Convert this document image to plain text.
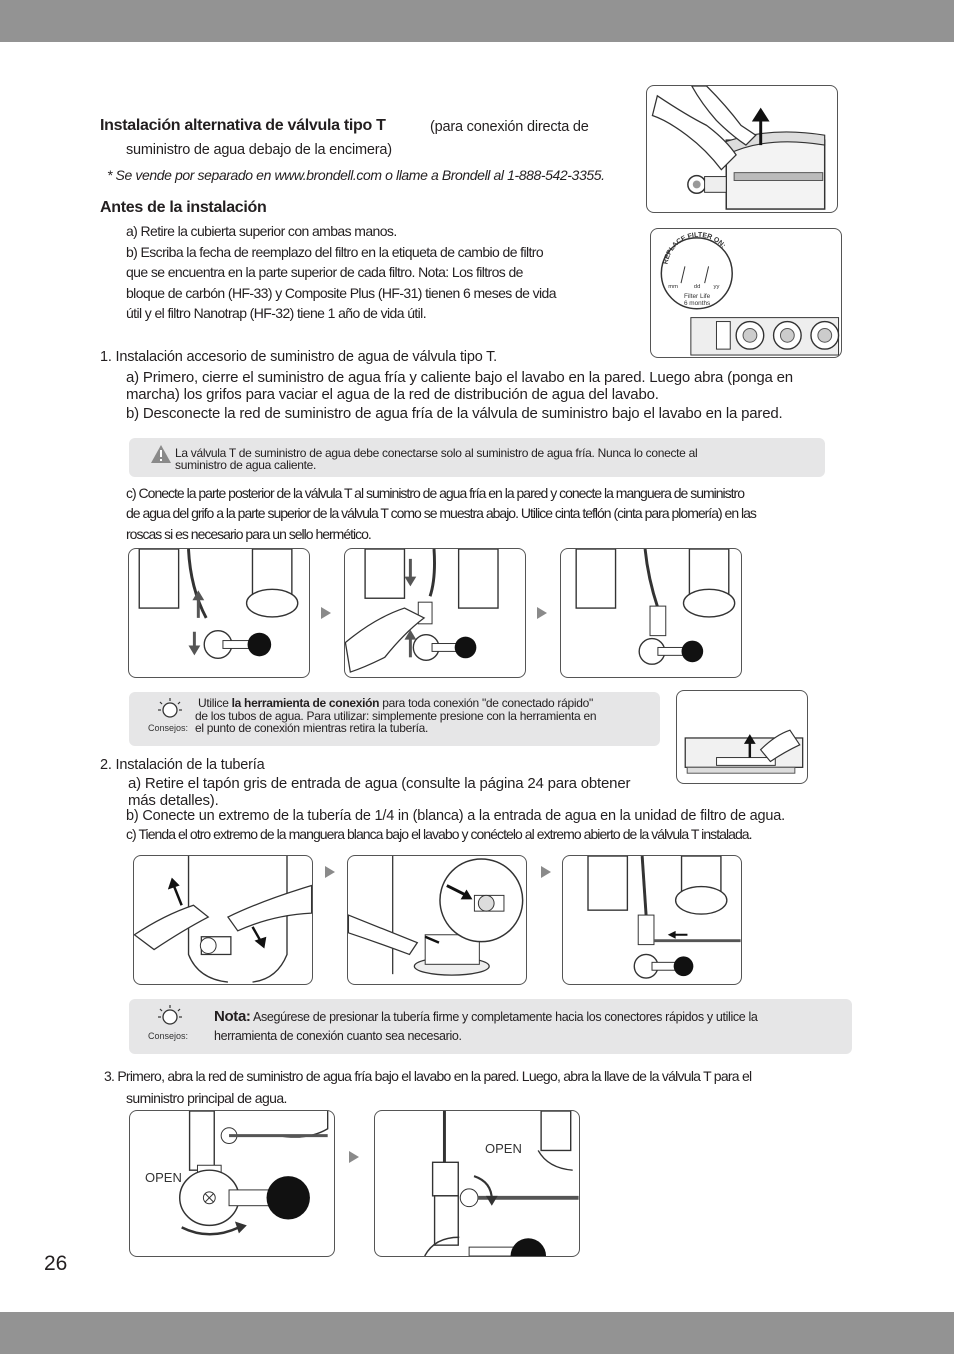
Instalación alternativa de válvula tipo T	(para conexión directa de
suministro de agua debajo de la encimera)
* Se vende por separado en www.brondell.com o llame a Brondell al 1-888-542-3355.
Antes de la instalación
a) Retire la cubierta superior con ambas manos.
b) Escriba la fecha de reemplazo del filtro en la etiqueta de cambio de filtro
que se encuentra en la parte superior de cada filtro. Nota: Los filtros de
bloque de carbón (HF-33) y Composite Plus (HF-31) tienen 6 meses de vida
útil y el filtro Nanotrap (HF-32) tiene 1 año de vida útil.
REPLACE FILTER ON:
mm	dd yy
Filter Life
6 months
1. Instalación accesorio de suministro de agua de válvula tipo T.
a) Primero, cierre el suministro de agua fría y caliente bajo el lavabo en la pared. Luego abra (ponga en
marcha) los grifos para vaciar el agua de la red de distribución de agua del lavabo.
b) Desconecte la red de suministro de agua fría de la válvula de suministro bajo el lavabo en la pared.
La válvula T de suministro de agua debe conectarse solo al suministro de agua fría. Nunca lo conecte al
suministro de agua caliente.
c) Conecte la parte posterior de la válvula T al suministro de agua fría en la pared y conecte la manguera de suministro
de agua del grifo a la parte superior de la válvula T como se muestra abajo. Utilice cinta teflón (cinta para plomería) en las
roscas si es necesario para un sello hermético.
Consejos:
Utilice la herramienta de conexión para toda conexión "de conectado rápido"
de los tubos de agua. Para utilizar: simplemente presione con la herramienta en
el punto de conexión mientras retira la tubería.
2. Instalación de la tubería
a) Retire el tapón gris de entrada de agua (consulte la página 24 para obtener
más detalles).
b) Conecte un extremo de la tubería de 1/4 in (blanca) a la entrada de agua en la unidad de filtro de agua.
c) Tienda el otro extremo de la manguera blanca bajo el lavabo y conéctelo al extremo abierto de la válvula T instalada.
Consejos:
Nota: Asegúrese de presionar la tubería firme y completamente hacia los conectores rápidos y utilice la
herramienta de conexión cuanto sea necesario.
3. Primero, abra la red de suministro de agua fría bajo el lavabo en la pared. Luego, abra la llave de la válvula T para el
suministro principal de agua.
OPEN
OPEN
26
